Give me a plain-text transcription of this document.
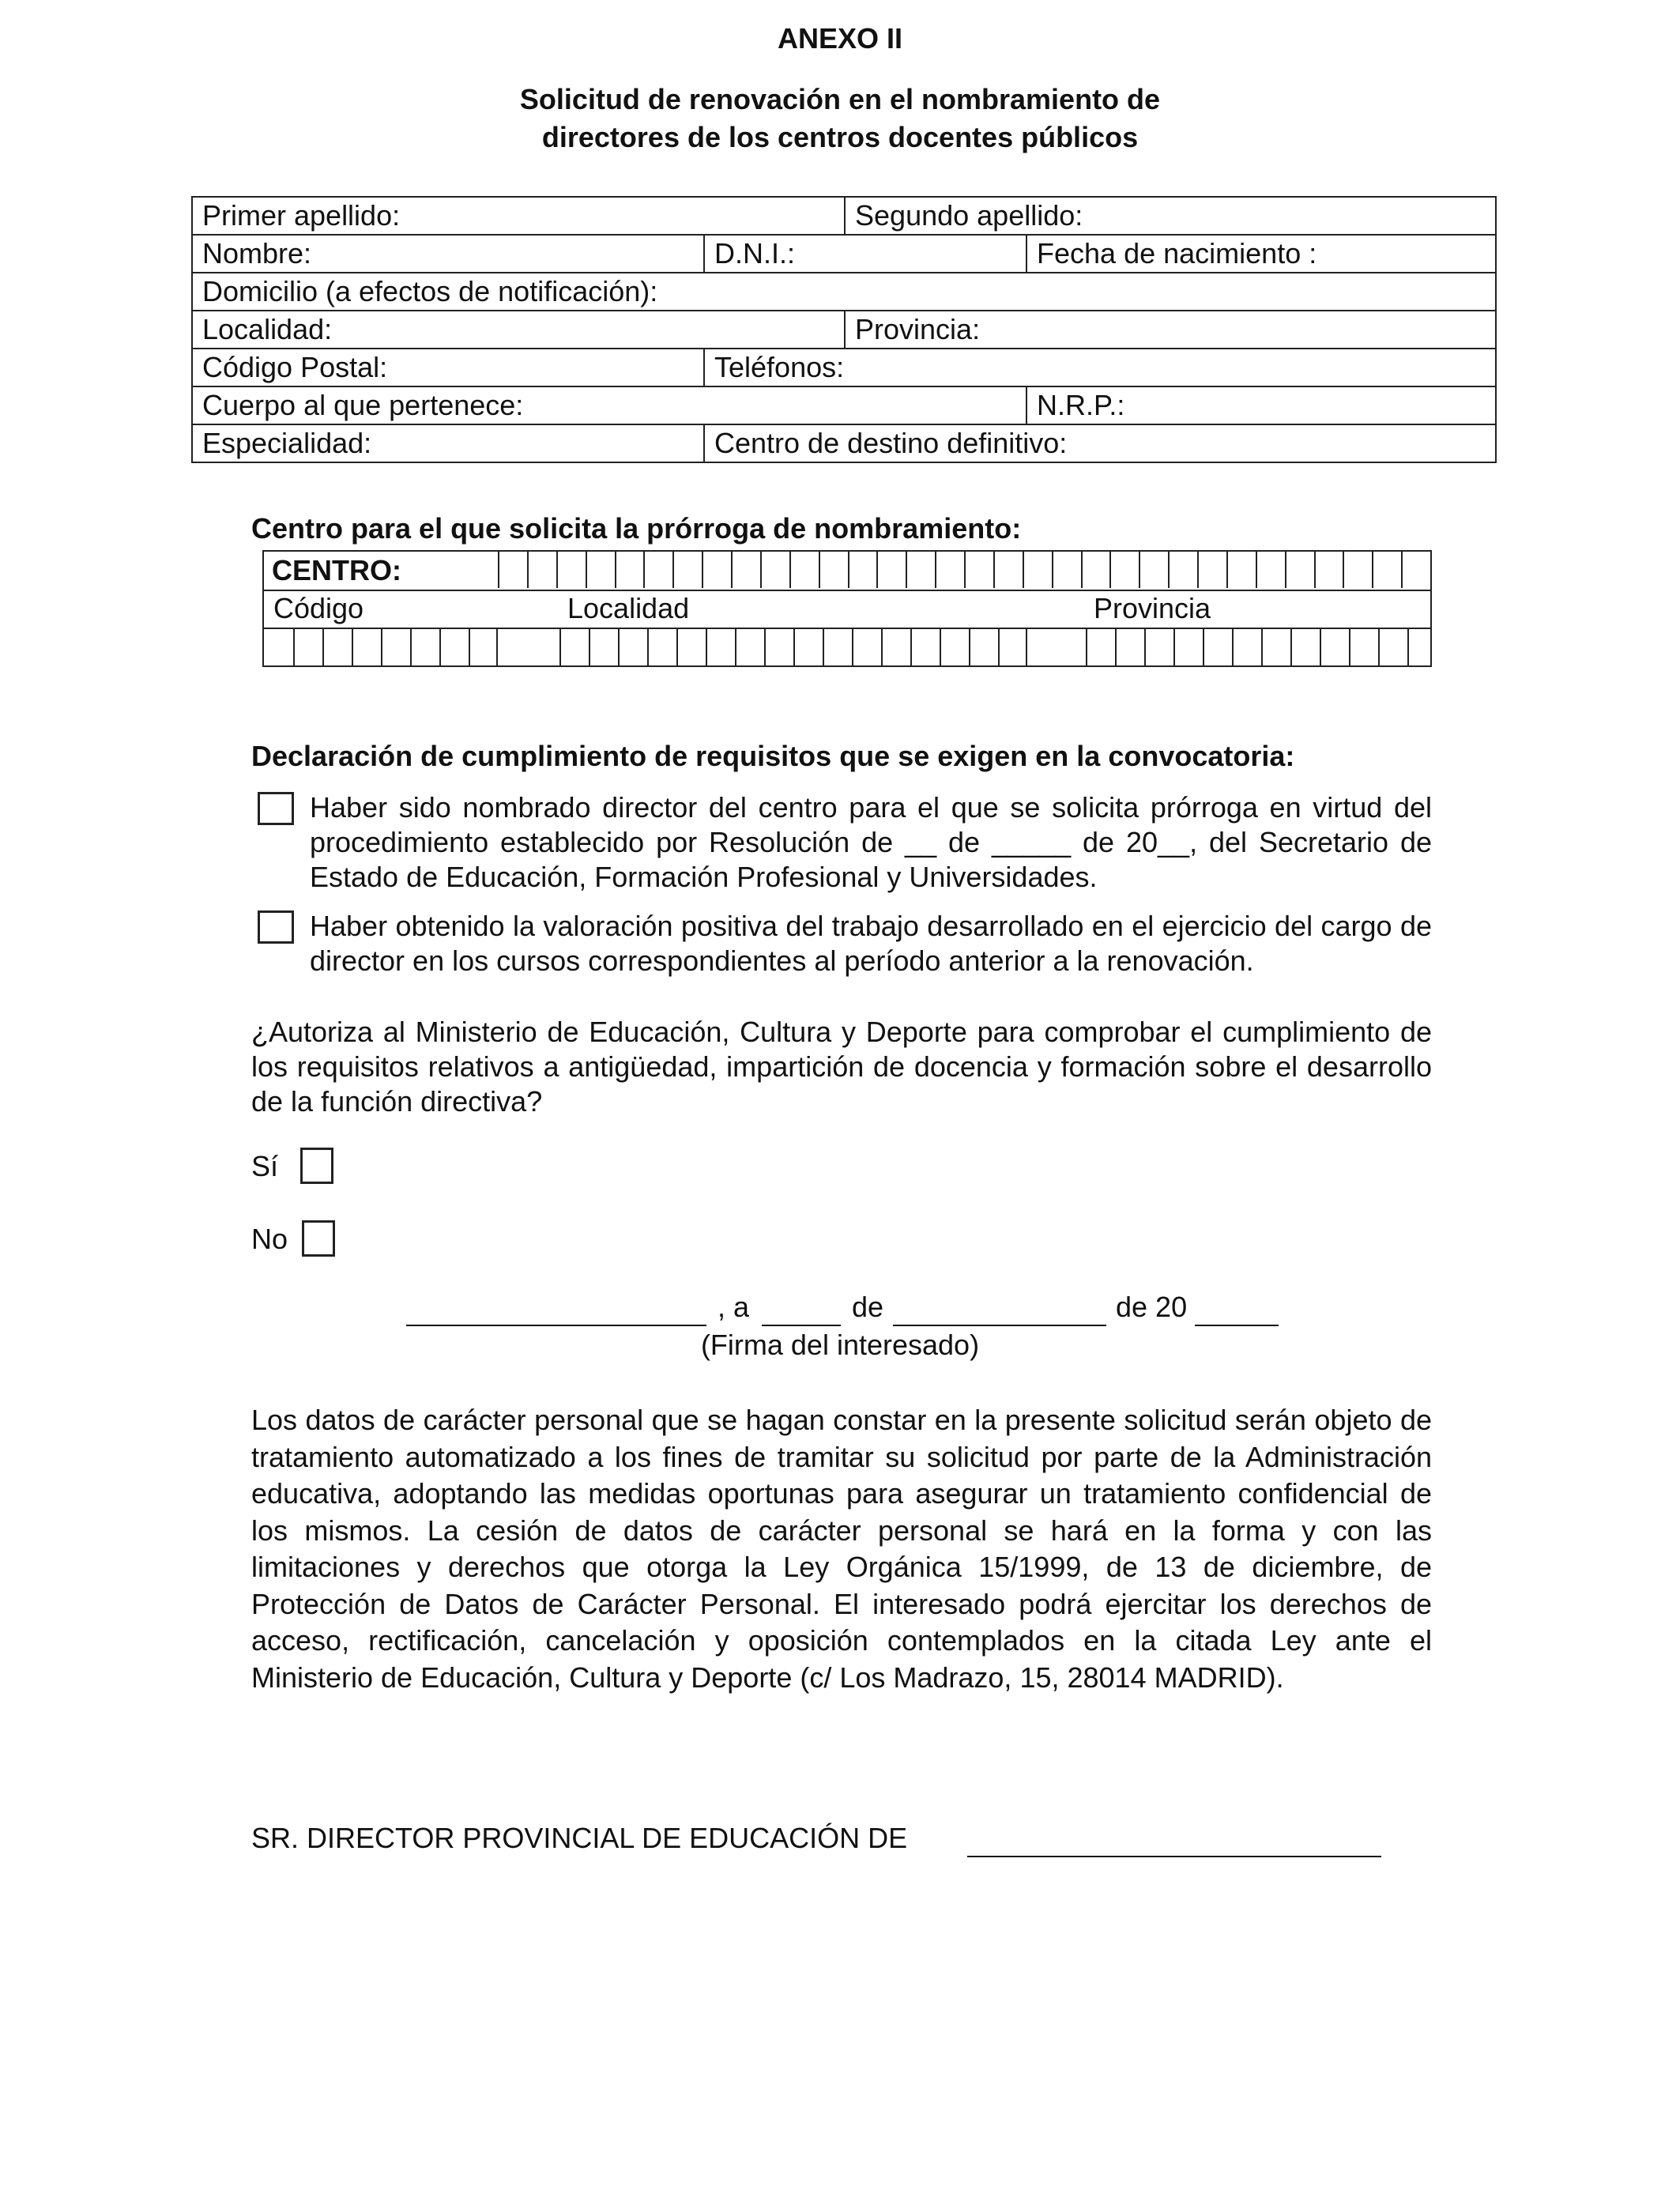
ANEXO II
Solicitud de renovación en el nombramiento de
directores de los centros docentes públicos
Primer apellido:		Segundo apellido:	
Nombre:	D.N.I.:		Fecha de nacimiento :
Domicilio (a efectos de notificación):			
Localidad:		Provincia:	
Código Postal:	Teléfonos:		
Cuerpo al que pertenece:			N.R.P.:
Especialidad:	Centro de destino definitivo:		
Centro para el que solicita la prórroga de nombramiento:
CENTRO:
Código	Localidad	Provincia
Declaración de cumplimiento de requisitos que se exigen en la convocatoria:
Haber sido nombrado director del centro para el que se solicita prórroga en virtud del procedimiento establecido por Resolución de __ de _____ de 20__, del Secretario de Estado de Educación, Formación Profesional y Universidades.
Haber obtenido la valoración positiva del trabajo desarrollado en el ejercicio del cargo de director en los cursos correspondientes al período anterior a la renovación.
¿Autoriza al Ministerio de Educación, Cultura y Deporte para comprobar el cumplimiento de los requisitos relativos a antigüedad, impartición de docencia y formación sobre el desarrollo de la función directiva?
Sí
No
, a	de	de 20
(Firma del interesado)
Los datos de carácter personal que se hagan constar en la presente solicitud serán objeto de tratamiento automatizado a los fines de tramitar su solicitud por parte de la Administración educativa, adoptando las medidas oportunas para asegurar un tratamiento confidencial de los mismos. La cesión de datos de carácter personal se hará en la forma y con las limitaciones y derechos que otorga la Ley Orgánica 15/1999, de 13 de diciembre, de Protección de Datos de Carácter Personal. El interesado podrá ejercitar los derechos de acceso, rectificación, cancelación y oposición contemplados en la citada Ley ante el Ministerio de Educación, Cultura y Deporte (c/ Los Madrazo, 15, 28014 MADRID).
SR. DIRECTOR PROVINCIAL DE EDUCACIÓN DE
